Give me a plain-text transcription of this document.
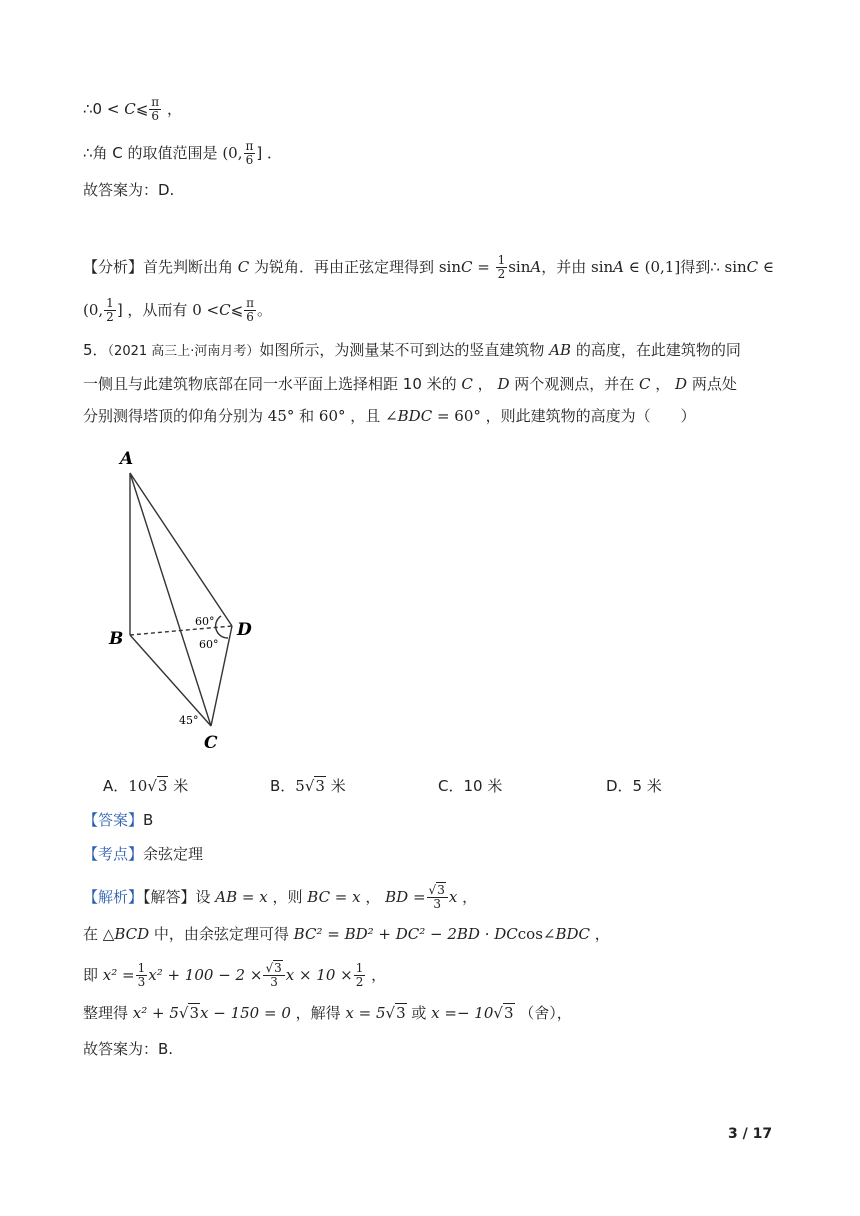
∴0 < C⩽ $\frac{\pi}{6}$ ，
∴角 C 的取值范围是 (0, $\frac{\pi}{6}$ ] ．
故答案为：D.
【分析】首先判断出角 C 为锐角．再由正弦定理得到 $\sin C = \frac{1}{2}$ sinA，并由 sinA ∈ (0,1]得到∴ sinC ∈
(0, $\frac{1}{2}$ ] ，从而有 0 <C⩽ $\frac{\pi}{6}$ 。
5．（2021 高三上·河南月考）如图所示，为测量某不可到达的竖直建筑物 AB 的高度，在此建筑物的同
一侧且与此建筑物底部在同一水平面上选择相距 10 米的 C ， D 两个观测点，并在 C ， D 两点处
分别测得塔顶的仰角分别为 45° 和 60° ，且 ∠BDC = 60° ，则此建筑物的高度为（　　）
A
B
C
D
60°
60°
45°
A．10√3 米	B．5√3 米	C．10 米	D．5 米
【答案】B
【考点】余弦定理
【解析】【解答】设 AB = x ，则 BC = x ， BD = $\frac{√3}{3}$ x ，
在 △BCD 中，由余弦定理可得 BC² = BD² + DC² − 2BD · DCcos∠BDC ，
即 $x^2 = \frac{1}{3} x^2 + 100 - 2 \times \frac{√3}{3}$ $x \times 10 \times \frac{1}{2}$ ，
整理得 x² + 5√3x − 150 = 0 ，解得 x = 5√3 或 x =− 10√3 （舍），
故答案为：B.
3 / 17
